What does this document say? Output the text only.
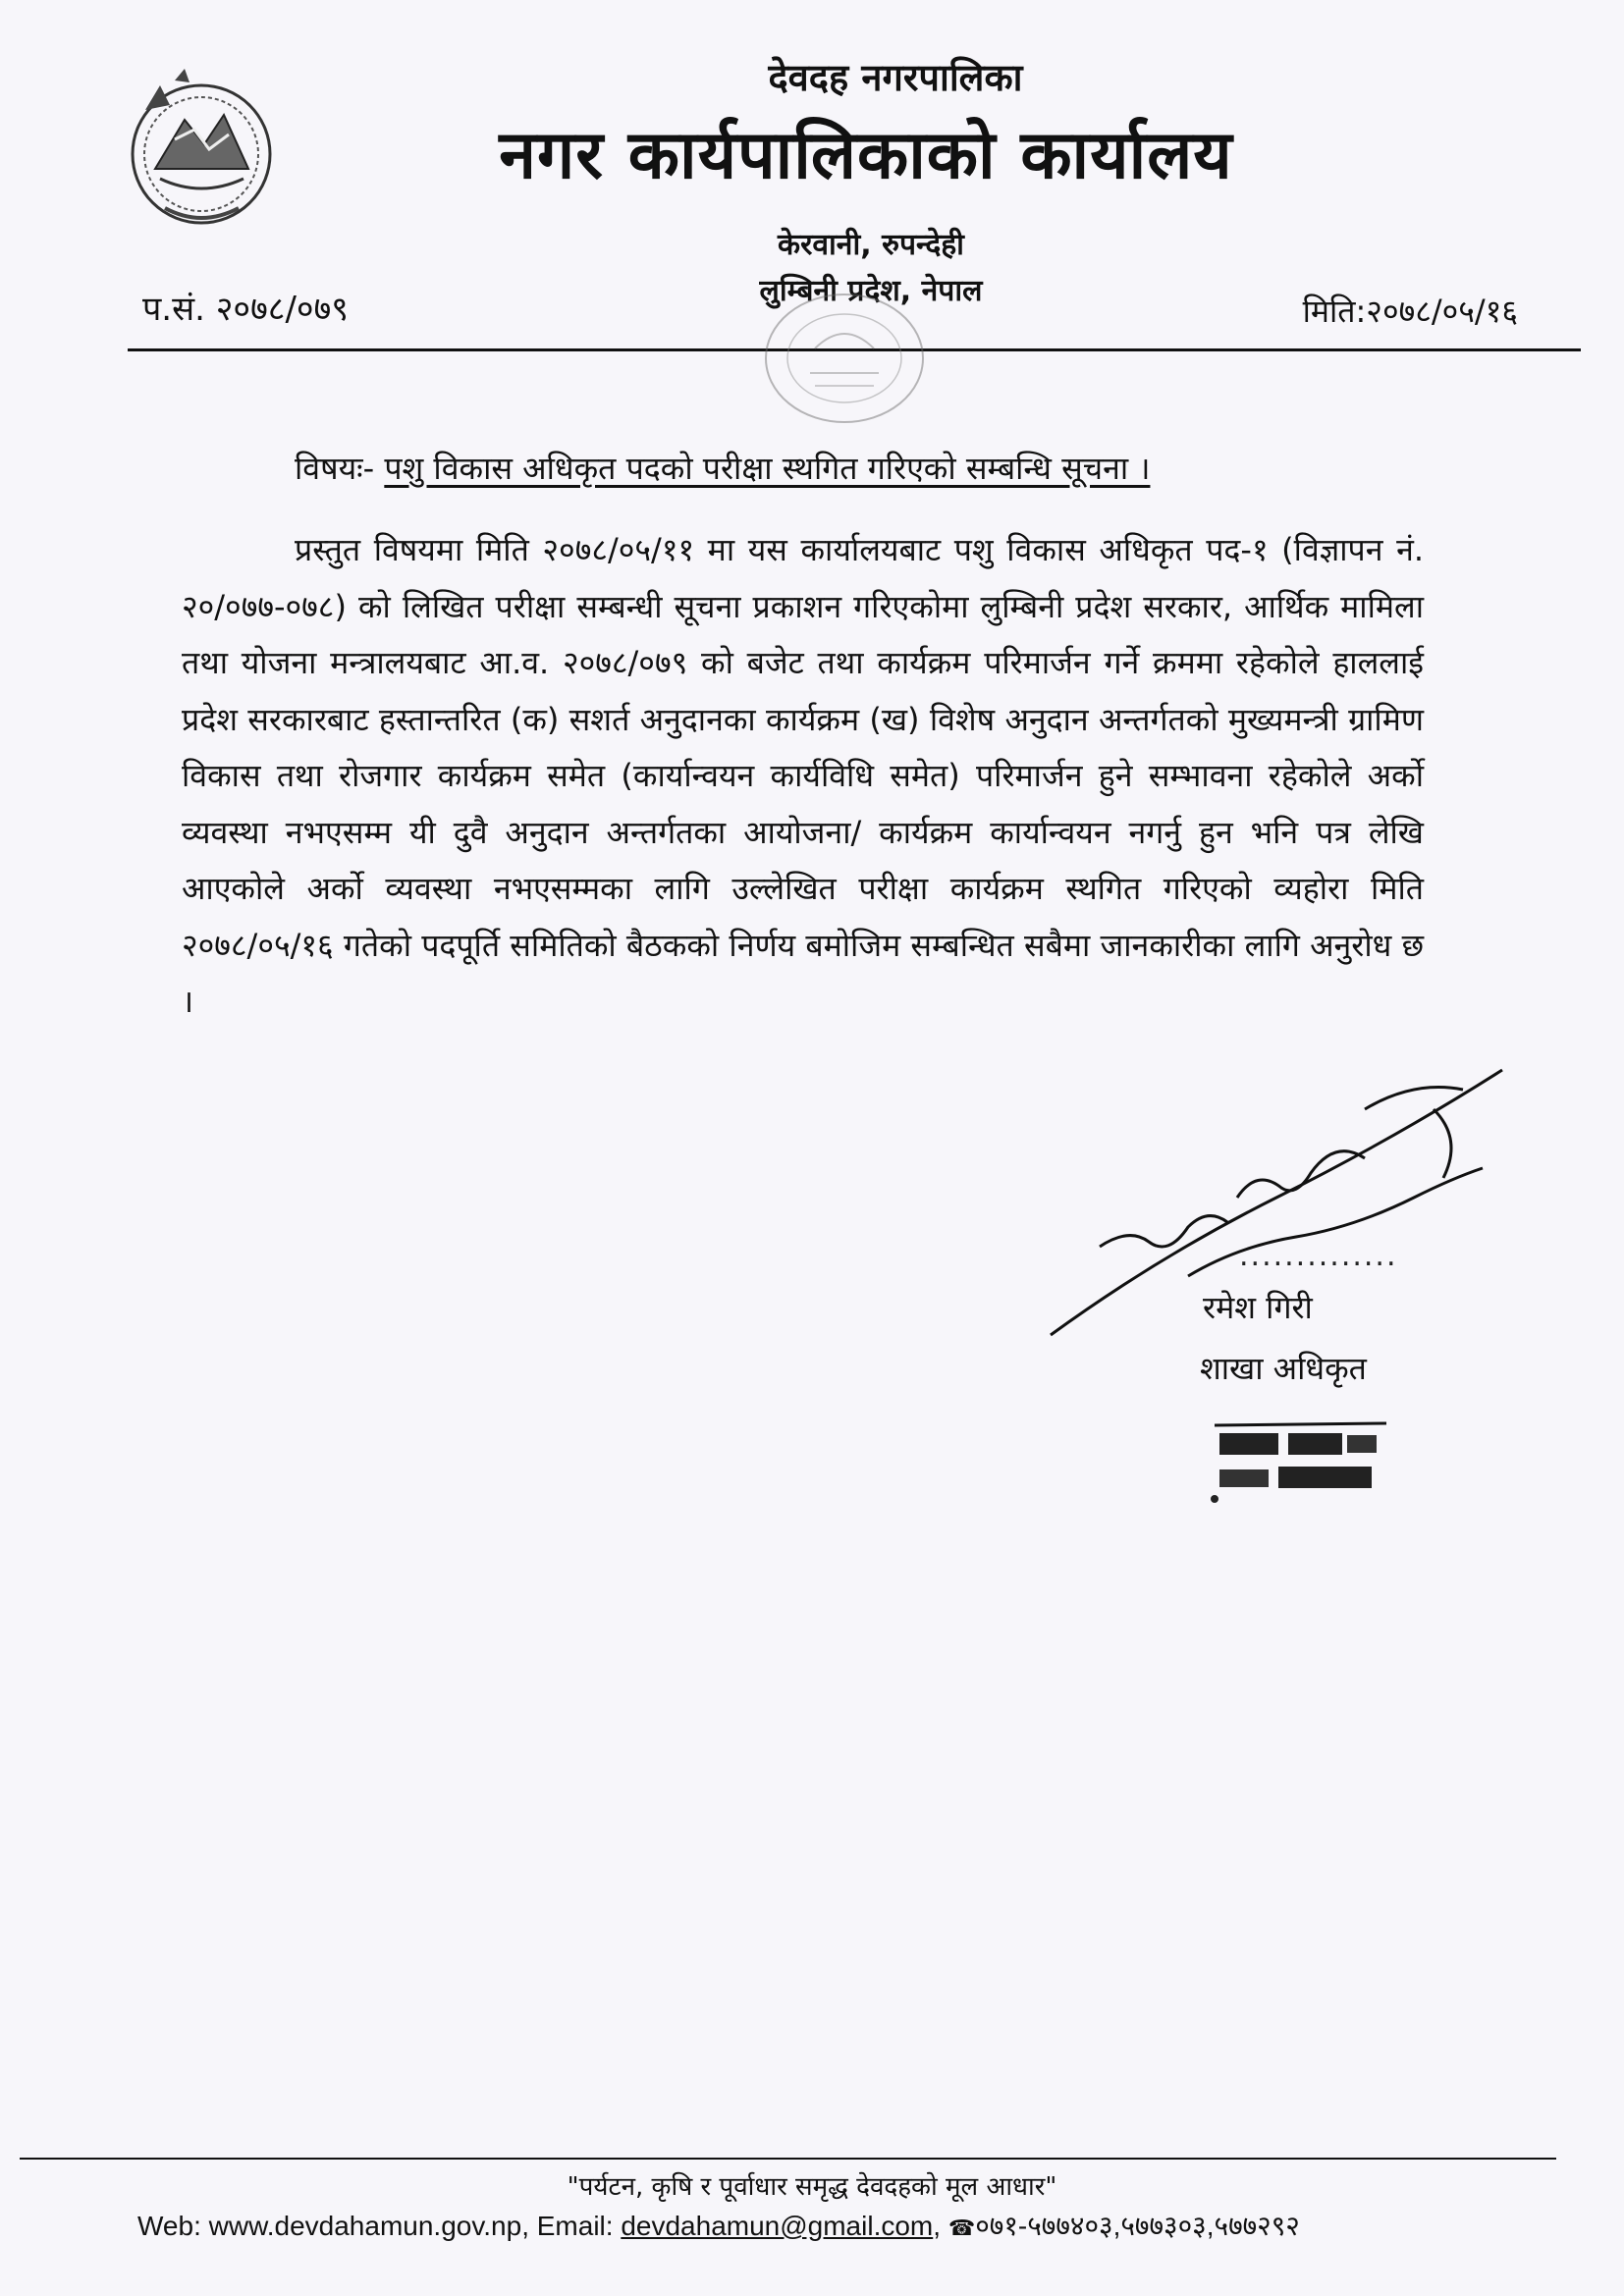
देवदह नगरपालिका
नगर कार्यपालिकाको कार्यालय
केरवानी, रुपन्देही
लुम्बिनी प्रदेश, नेपाल
प.सं. २०७८/०७९	मिति:२०७८/०५/१६
विषयः- पशु विकास अधिकृत पदको परीक्षा स्थगित गरिएको सम्बन्धि सूचना ।
प्रस्तुत विषयमा मिति २०७८/०५/११ मा यस कार्यालयबाट पशु विकास अधिकृत पद-१ (विज्ञापन नं. २०/०७७-०७८) को लिखित परीक्षा सम्बन्धी सूचना प्रकाशन गरिएकोमा लुम्बिनी प्रदेश सरकार, आर्थिक मामिला तथा योजना मन्त्रालयबाट आ.व. २०७८/०७९ को बजेट तथा कार्यक्रम परिमार्जन गर्ने क्रममा रहेकोले हाललाई प्रदेश सरकारबाट हस्तान्तरित (क) सशर्त अनुदानका कार्यक्रम (ख) विशेष अनुदान अन्तर्गतको मुख्यमन्त्री ग्रामिण विकास तथा रोजगार कार्यक्रम समेत (कार्यान्वयन कार्यविधि समेत) परिमार्जन हुने सम्भावना रहेकोले अर्को व्यवस्था नभएसम्म यी दुवै अनुदान अन्तर्गतका आयोजना/ कार्यक्रम कार्यान्वयन नगर्नु हुन भनि पत्र लेखि आएकोले अर्को व्यवस्था नभएसम्मका लागि उल्लेखित परीक्षा कार्यक्रम स्थगित गरिएको व्यहोरा मिति २०७८/०५/१६ गतेको पदपूर्ति समितिको बैठकको निर्णय बमोजिम सम्बन्धित सबैमा जानकारीका लागि अनुरोध छ ।
..............
रमेश गिरी
शाखा अधिकृत
"पर्यटन, कृषि र पूर्वाधार समृद्ध देवदहको मूल आधार"
Web: www.devdahamun.gov.np, Email: devdahamun@gmail.com, ☎०७१-५७७४०३,५७७३०३,५७७२९२
